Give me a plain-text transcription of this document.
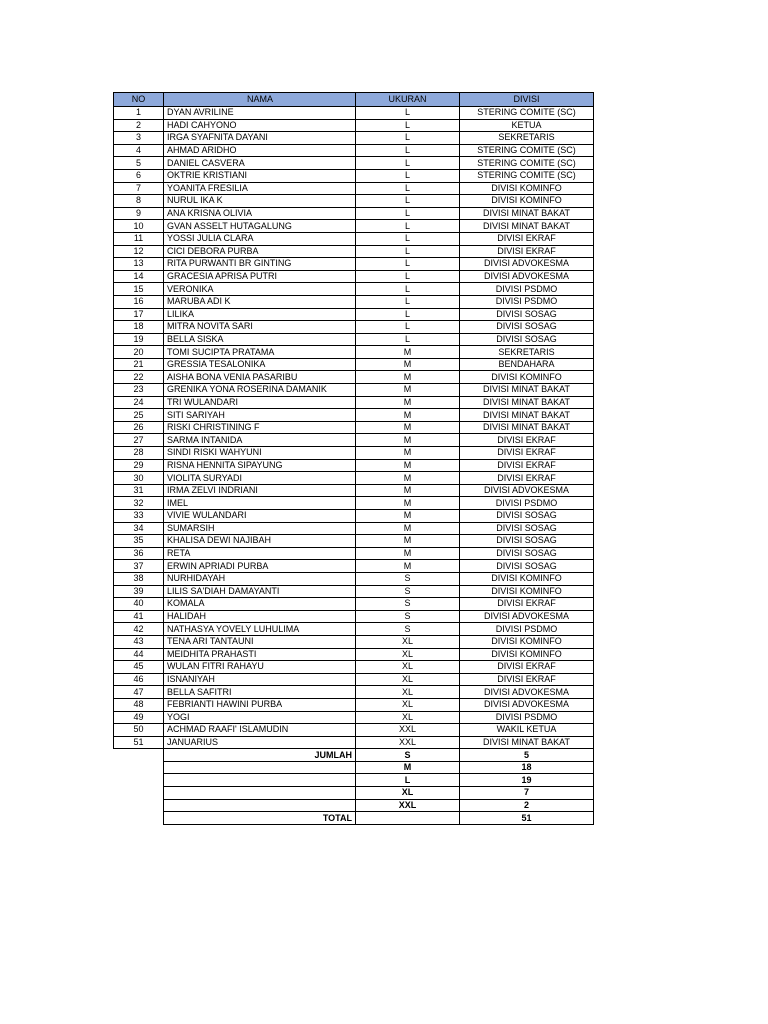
NO	NAMA	UKURAN	DIVISI
1	DYAN AVRILINE	L	STERING COMITE (SC)
2	HADI CAHYONO	L	KETUA
3	IRGA SYAFNITA DAYANI	L	SEKRETARIS
4	AHMAD ARIDHO	L	STERING COMITE (SC)
5	DANIEL CASVERA	L	STERING COMITE (SC)
6	OKTRIE KRISTIANI	L	STERING COMITE (SC)
7	YOANITA FRESILIA	L	DIVISI KOMINFO
8	NURUL IKA K	L	DIVISI KOMINFO
9	ANA KRISNA OLIVIA	L	DIVISI MINAT BAKAT
10	GVAN ASSELT HUTAGALUNG	L	DIVISI MINAT BAKAT
11	YOSSI JULIA CLARA	L	DIVISI EKRAF
12	CICI DEBORA PURBA	L	DIVISI EKRAF
13	RITA PURWANTI BR GINTING	L	DIVISI ADVOKESMA
14	GRACESIA APRISA PUTRI	L	DIVISI ADVOKESMA
15	VERONIKA	L	DIVISI PSDMO
16	MARUBA ADI K	L	DIVISI PSDMO
17	LILIKA	L	DIVISI SOSAG
18	MITRA NOVITA SARI	L	DIVISI SOSAG
19	BELLA SISKA	L	DIVISI SOSAG
20	TOMI SUCIPTA PRATAMA	M	SEKRETARIS
21	GRESSIA TESALONIKA	M	BENDAHARA
22	AISHA BONA VENIA PASARIBU	M	DIVISI KOMINFO
23	GRENIKA YONA ROSERINA DAMANIK	M	DIVISI MINAT BAKAT
24	TRI WULANDARI	M	DIVISI MINAT BAKAT
25	SITI SARIYAH	M	DIVISI MINAT BAKAT
26	RISKI CHRISTINING F	M	DIVISI MINAT BAKAT
27	SARMA INTANIDA	M	DIVISI EKRAF
28	SINDI RISKI WAHYUNI	M	DIVISI EKRAF
29	RISNA HENNITA SIPAYUNG	M	DIVISI EKRAF
30	VIOLITA SURYADI	M	DIVISI EKRAF
31	IRMA ZELVI INDRIANI	M	DIVISI ADVOKESMA
32	IMEL	M	DIVISI PSDMO
33	VIVIE WULANDARI	M	DIVISI SOSAG
34	SUMARSIH	M	DIVISI SOSAG
35	KHALISA DEWI NAJIBAH	M	DIVISI SOSAG
36	RETA	M	DIVISI SOSAG
37	ERWIN APRIADI PURBA	M	DIVISI SOSAG
38	NURHIDAYAH	S	DIVISI KOMINFO
39	LILIS SA'DIAH DAMAYANTI	S	DIVISI KOMINFO
40	KOMALA	S	DIVISI EKRAF
41	HALIDAH	S	DIVISI ADVOKESMA
42	NATHASYA YOVELY LUHULIMA	S	DIVISI PSDMO
43	TENA ARI TANTAUNI	XL	DIVISI KOMINFO
44	MEIDHITA PRAHASTI	XL	DIVISI KOMINFO
45	WULAN FITRI RAHAYU	XL	DIVISI EKRAF
46	ISNANIYAH	XL	DIVISI EKRAF
47	BELLA SAFITRI	XL	DIVISI ADVOKESMA
48	FEBRIANTI HAWINI PURBA	XL	DIVISI ADVOKESMA
49	YOGI	XL	DIVISI PSDMO
50	ACHMAD RAAFI' ISLAMUDIN	XXL	WAKIL KETUA
51	JANUARIUS	XXL	DIVISI MINAT BAKAT
	JUMLAH	S	5
		M	18
		L	19
		XL	7
		XXL	2
	TOTAL		51
